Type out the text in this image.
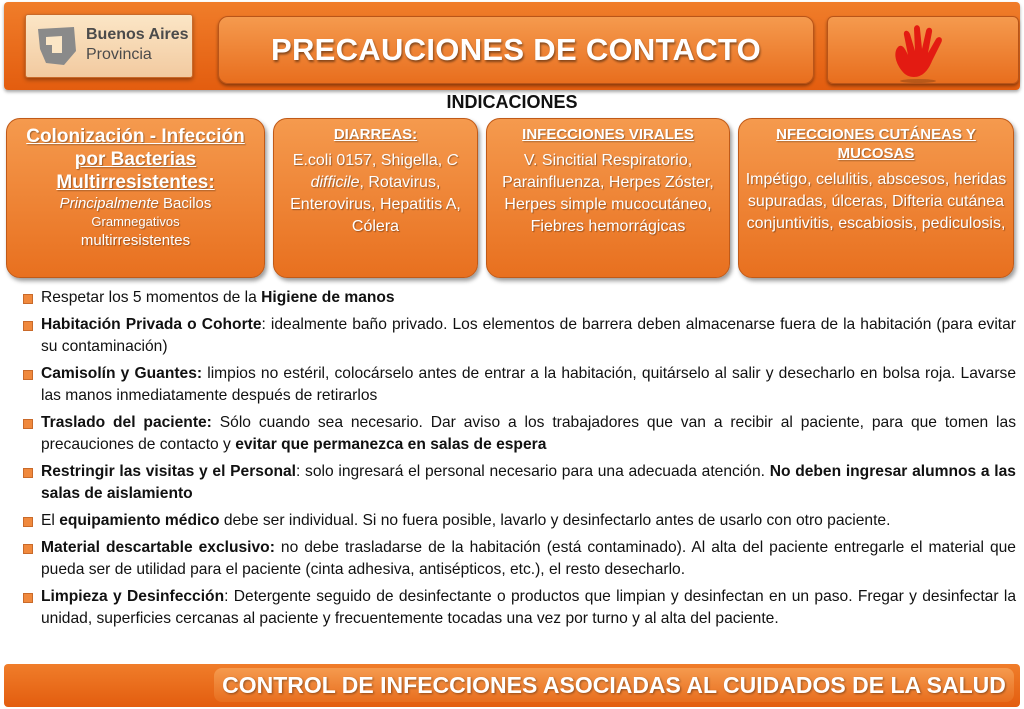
Buenos Aires
Provincia	PRECAUCIONES DE CONTACTO
INDICACIONES
Colonización - Infección por Bacterias Multirresistentes:
Principalmente Bacilos
Gramnegativos
multirresistentes
DIARREAS:
E.coli 0157, Shigella, C difficile, Rotavirus, Enterovirus, Hepatitis A, Cólera
INFECCIONES VIRALES
V. Sincitial Respiratorio, Parainfluenza, Herpes Zóster, Herpes simple mucocutáneo, Fiebres hemorrágicas
NFECCIONES CUTÁNEAS Y MUCOSAS
Impétigo, celulitis, abscesos, heridas supuradas, úlceras, Difteria cutánea conjuntivitis, escabiosis, pediculosis,
Respetar los 5 momentos de la Higiene de manos
Habitación Privada o Cohorte: idealmente baño privado. Los elementos de barrera deben almacenarse fuera de la habitación (para evitar su contaminación)
Camisolín y Guantes: limpios no estéril, colocárselo antes de entrar a la habitación, quitárselo al salir y desecharlo en bolsa roja. Lavarse las manos inmediatamente después de retirarlos
Traslado del paciente: Sólo cuando sea necesario. Dar aviso a los trabajadores que van a recibir al paciente, para que tomen las precauciones de contacto y evitar que permanezca en salas de espera
Restringir las visitas y el Personal: solo ingresará el personal necesario para una adecuada atención. No deben ingresar alumnos a las salas de aislamiento
El equipamiento médico debe ser individual. Si no fuera posible, lavarlo y desinfectarlo antes de usarlo con otro paciente.
Material descartable exclusivo: no debe trasladarse de la habitación (está contaminado). Al alta del paciente entregarle el material que pueda ser de utilidad para el paciente (cinta adhesiva, antisépticos, etc.), el resto desecharlo.
Limpieza y Desinfección: Detergente seguido de desinfectante o productos que limpian y desinfectan en un paso. Fregar y desinfectar la unidad, superficies cercanas al paciente y frecuentemente tocadas una vez por turno y al alta del paciente.
CONTROL DE INFECCIONES ASOCIADAS AL CUIDADOS DE LA SALUD
